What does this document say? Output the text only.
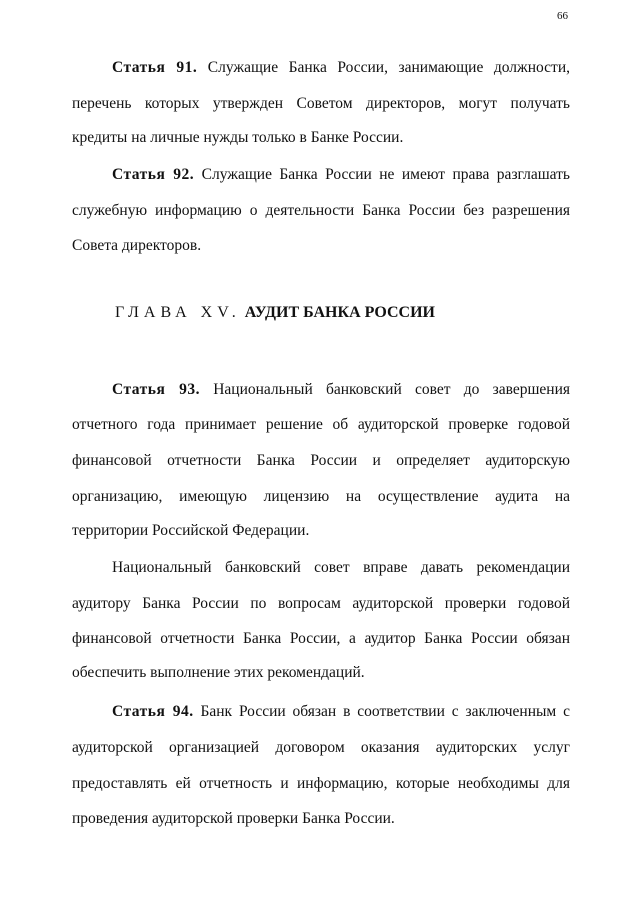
66
Статья 91. Служащие Банка России, занимающие должности,
перечень которых утвержден Советом директоров, могут получать
кредиты на личные нужды только в Банке России.
Статья 92. Служащие Банка России не имеют права разглашать
служебную информацию о деятельности Банка России без разрешения
Совета директоров.
ГЛАВА XV. АУДИТ БАНКА РОССИИ
Статья 93. Национальный банковский совет до завершения
отчетного года принимает решение об аудиторской проверке годовой
финансовой отчетности Банка России и определяет аудиторскую
организацию, имеющую лицензию на осуществление аудита на
территории Российской Федерации.
Национальный банковский совет вправе давать рекомендации
аудитору Банка России по вопросам аудиторской проверки годовой
финансовой отчетности Банка России, а аудитор Банка России обязан
обеспечить выполнение этих рекомендаций.
Статья 94. Банк России обязан в соответствии с заключенным с
аудиторской организацией договором оказания аудиторских услуг
предоставлять ей отчетность и информацию, которые необходимы для
проведения аудиторской проверки Банка России.
